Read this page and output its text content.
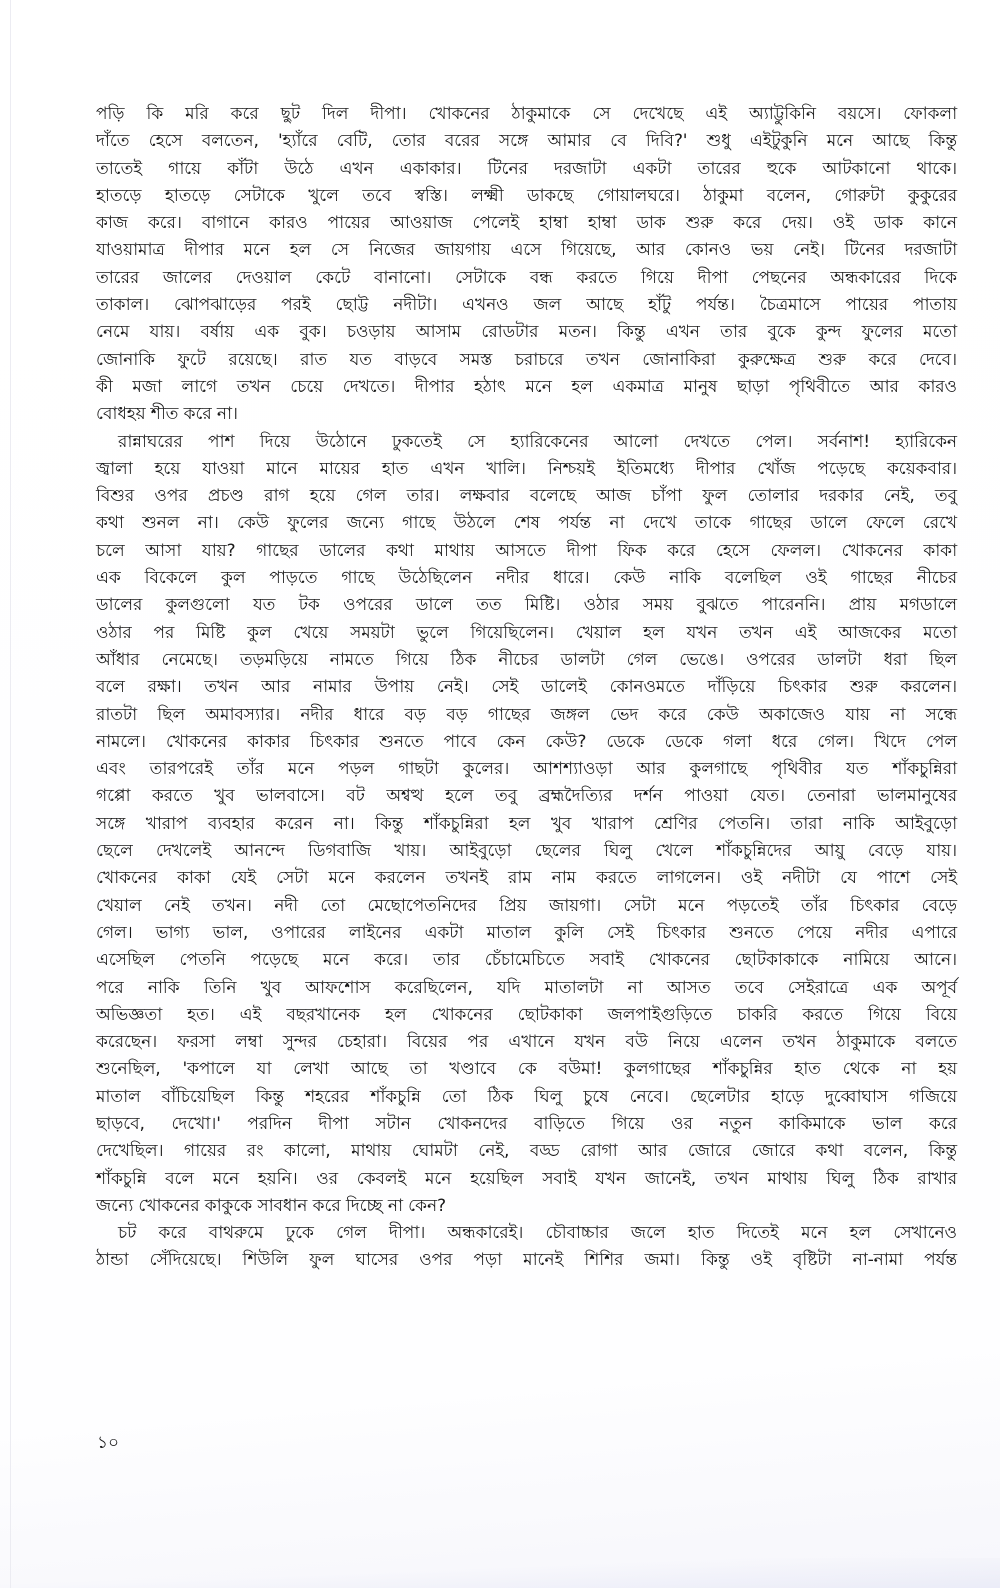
পড়ি কি মরি করে ছুট দিল দীপা। খোকনের ঠাকুমাকে সে দেখেছে এই অ্যাট্টুকিনি বয়সে। ফোকলা
দাঁতে হেসে বলতেন, 'হ্যাঁরে বেটি, তোর বরের সঙ্গে আমার বে দিবি?' শুধু এইটুকুনি মনে আছে কিন্তু
তাতেই গায়ে কাঁটা উঠে এখন একাকার। টিনের দরজাটা একটা তারের হুকে আটকানো থাকে।
হাতড়ে হাতড়ে সেটাকে খুলে তবে স্বস্তি। লক্ষ্মী ডাকছে গোয়ালঘরে। ঠাকুমা বলেন, গোরুটা কুকুরের
কাজ করে। বাগানে কারও পায়ের আওয়াজ পেলেই হাম্বা হাম্বা ডাক শুরু করে দেয়। ওই ডাক কানে
যাওয়ামাত্র দীপার মনে হল সে নিজের জায়গায় এসে গিয়েছে, আর কোনও ভয় নেই। টিনের দরজাটা
তারের জালের দেওয়াল কেটে বানানো। সেটাকে বন্ধ করতে গিয়ে দীপা পেছনের অন্ধকারের দিকে
তাকাল। ঝোপঝাড়ের পরই ছোট্ট নদীটা। এখনও জল আছে হাঁটু পর্যন্ত। চৈত্রমাসে পায়ের পাতায়
নেমে যায়। বর্ষায় এক বুক। চওড়ায় আসাম রোডটার মতন। কিন্তু এখন তার বুকে কুন্দ ফুলের মতো
জোনাকি ফুটে রয়েছে। রাত যত বাড়বে সমস্ত চরাচরে তখন জোনাকিরা কুরুক্ষেত্র শুরু করে দেবে।
কী মজা লাগে তখন চেয়ে দেখতে। দীপার হঠাৎ মনে হল একমাত্র মানুষ ছাড়া পৃথিবীতে আর কারও
বোধহয় শীত করে না।
রান্নাঘরের পাশ দিয়ে উঠোনে ঢুকতেই সে হ্যারিকেনের আলো দেখতে পেল। সর্বনাশ! হ্যারিকেন
জ্বালা হয়ে যাওয়া মানে মায়ের হাত এখন খালি। নিশ্চয়ই ইতিমধ্যে দীপার খোঁজ পড়েছে কয়েকবার।
বিশুর ওপর প্রচণ্ড রাগ হয়ে গেল তার। লক্ষবার বলেছে আজ চাঁপা ফুল তোলার দরকার নেই, তবু
কথা শুনল না। কেউ ফুলের জন্যে গাছে উঠলে শেষ পর্যন্ত না দেখে তাকে গাছের ডালে ফেলে রেখে
চলে আসা যায়? গাছের ডালের কথা মাথায় আসতে দীপা ফিক করে হেসে ফেলল। খোকনের কাকা
এক বিকেলে কুল পাড়তে গাছে উঠেছিলেন নদীর ধারে। কেউ নাকি বলেছিল ওই গাছের নীচের
ডালের কুলগুলো যত টক ওপরের ডালে তত মিষ্টি। ওঠার সময় বুঝতে পারেননি। প্রায় মগডালে
ওঠার পর মিষ্টি কুল খেয়ে সময়টা ভুলে গিয়েছিলেন। খেয়াল হল যখন তখন এই আজকের মতো
আঁধার নেমেছে। তড়মড়িয়ে নামতে গিয়ে ঠিক নীচের ডালটা গেল ভেঙে। ওপরের ডালটা ধরা ছিল
বলে রক্ষা। তখন আর নামার উপায় নেই। সেই ডালেই কোনওমতে দাঁড়িয়ে চিৎকার শুরু করলেন।
রাতটা ছিল অমাবস্যার। নদীর ধারে বড় বড় গাছের জঙ্গল ভেদ করে কেউ অকাজেও যায় না সন্ধে
নামলে। খোকনের কাকার চিৎকার শুনতে পাবে কেন কেউ? ডেকে ডেকে গলা ধরে গেল। খিদে পেল
এবং তারপরেই তাঁর মনে পড়ল গাছটা কুলের। আশশ্যাওড়া আর কুলগাছে পৃথিবীর যত শাঁকচুন্নিরা
গপ্পো করতে খুব ভালবাসে। বট অশ্বত্থ হলে তবু ব্রহ্মদৈত্যির দর্শন পাওয়া যেত। তেনারা ভালমানুষের
সঙ্গে খারাপ ব্যবহার করেন না। কিন্তু শাঁকচুন্নিরা হল খুব খারাপ শ্রেণির পেতনি। তারা নাকি আইবুড়ো
ছেলে দেখলেই আনন্দে ডিগবাজি খায়। আইবুড়ো ছেলের ঘিলু খেলে শাঁকচুন্নিদের আয়ু বেড়ে যায়।
খোকনের কাকা যেই সেটা মনে করলেন তখনই রাম নাম করতে লাগলেন। ওই নদীটা যে পাশে সেই
খেয়াল নেই তখন। নদী তো মেছোপেতনিদের প্রিয় জায়গা। সেটা মনে পড়তেই তাঁর চিৎকার বেড়ে
গেল। ভাগ্য ভাল, ওপারের লাইনের একটা মাতাল কুলি সেই চিৎকার শুনতে পেয়ে নদীর এপারে
এসেছিল পেতনি পড়েছে মনে করে। তার চেঁচামেচিতে সবাই খোকনের ছোটকাকাকে নামিয়ে আনে।
পরে নাকি তিনি খুব আফশোস করেছিলেন, যদি মাতালটা না আসত তবে সেইরাত্রে এক অপূর্ব
অভিজ্ঞতা হত। এই বছরখানেক হল খোকনের ছোটকাকা জলপাইগুড়িতে চাকরি করতে গিয়ে বিয়ে
করেছেন। ফরসা লম্বা সুন্দর চেহারা। বিয়ের পর এখানে যখন বউ নিয়ে এলেন তখন ঠাকুমাকে বলতে
শুনেছিল, 'কপালে যা লেখা আছে তা খণ্ডাবে কে বউমা! কুলগাছের শাঁকচুন্নির হাত থেকে না হয়
মাতাল বাঁচিয়েছিল কিন্তু শহরের শাঁকচুন্নি তো ঠিক ঘিলু চুষে নেবে। ছেলেটার হাড়ে দুব্বোঘাস গজিয়ে
ছাড়বে, দেখো।' পরদিন দীপা সটান খোকনদের বাড়িতে গিয়ে ওর নতুন কাকিমাকে ভাল করে
দেখেছিল। গায়ের রং কালো, মাথায় ঘোমটা নেই, বড্ড রোগা আর জোরে জোরে কথা বলেন, কিন্তু
শাঁকচুন্নি বলে মনে হয়নি। ওর কেবলই মনে হয়েছিল সবাই যখন জানেই, তখন মাথায় ঘিলু ঠিক রাখার
জন্যে খোকনের কাকুকে সাবধান করে দিচ্ছে না কেন?
চট করে বাথরুমে ঢুকে গেল দীপা। অন্ধকারেই। চৌবাচ্চার জলে হাত দিতেই মনে হল সেখানেও
ঠান্ডা সেঁদিয়েছে। শিউলি ফুল ঘাসের ওপর পড়া মানেই শিশির জমা। কিন্তু ওই বৃষ্টিটা না-নামা পর্যন্ত
১০
